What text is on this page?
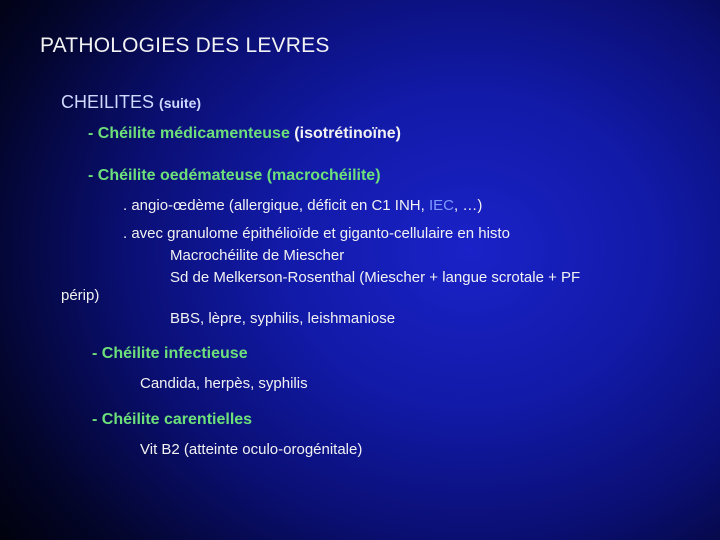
PATHOLOGIES DES LEVRES
CHEILITES (suite)
- Chéilite médicamenteuse (isotrétinoïne)
- Chéilite oedémateuse (macrochéilite)
. angio-œdème (allergique, déficit en C1 INH, IEC, …)
. avec granulome épithélioïde et giganto-cellulaire en histo
Macrochéilite de Miescher
Sd de Melkerson-Rosenthal (Miescher + langue scrotale + PF
périp)
BBS, lèpre, syphilis, leishmaniose
- Chéilite infectieuse
Candida, herpès, syphilis
- Chéilite carentielles
Vit B2 (atteinte oculo-orogénitale)
